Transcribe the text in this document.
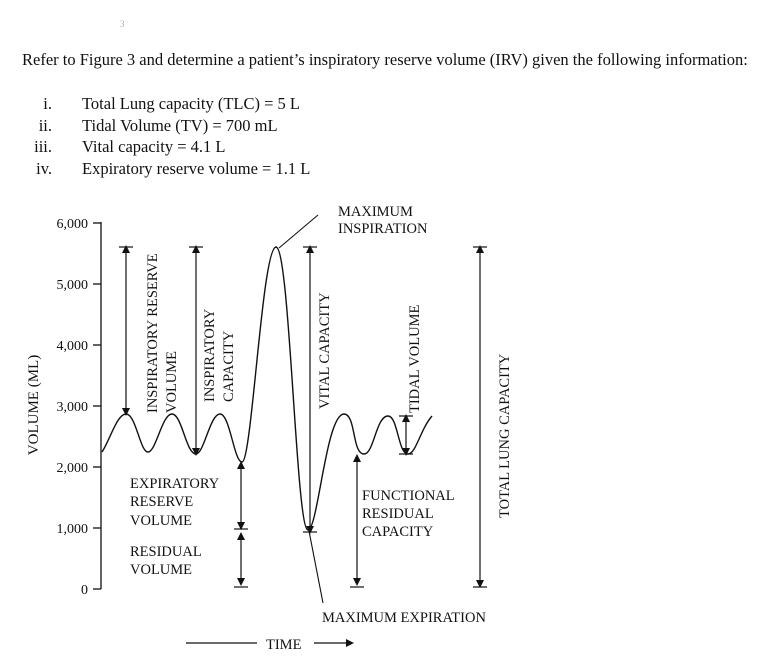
3
Refer to Figure 3 and determine a patient’s inspiratory reserve volume (IRV) given the following information:
i. Total Lung capacity (TLC) = 5 L
ii. Tidal Volume (TV) = 700 mL
iii. Vital capacity = 4.1 L
iv. Expiratory reserve volume = 1.1 L
0
1,000
2,000
3,000
4,000
5,000
6,000
VOLUME (ML)
MAXIMUM
INSPIRATION
MAXIMUM EXPIRATION
INSPIRATORY RESERVE VOLUME INSPIRATORY CAPACITY
EXPIRATORY
RESERVE
VOLUME
RESIDUAL
VOLUME
VITAL CAPACITY	TIDAL VOLUME
FUNCTIONAL
RESIDUAL
CAPACITY
TOTAL LUNG CAPACITY
TIME
